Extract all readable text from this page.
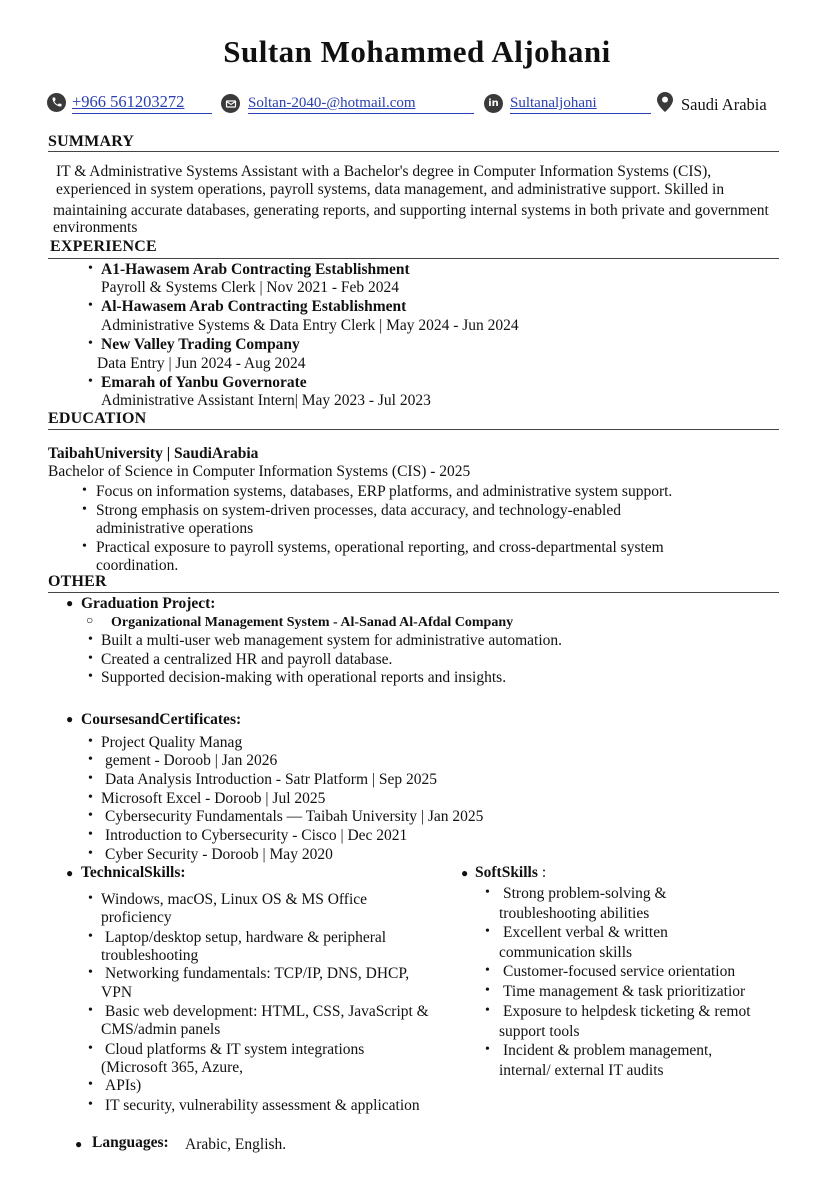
Sultan Mohammed Aljohani
+966 561203272	Soltan-2040-@hotmail.com	in Sultanaljohani	Saudi Arabia
SUMMARY
IT & Administrative Systems Assistant with a Bachelor's degree in Computer Information Systems (CIS),
experienced in system operations, payroll systems, data management, and administrative support. Skilled in
maintaining accurate databases, generating reports, and supporting internal systems in both private and government
environments
EXPERIENCE
• A1-Hawasem Arab Contracting Establishment
Payroll & Systems Clerk | Nov 2021 - Feb 2024
• Al-Hawasem Arab Contracting Establishment
Administrative Systems & Data Entry Clerk | May 2024 - Jun 2024
• New Valley Trading Company
Data Entry | Jun 2024 - Aug 2024
• Emarah of Yanbu Governorate
Administrative Assistant Intern| May 2023 - Jul 2023
EDUCATION
TaibahUniversity | SaudiArabia
Bachelor of Science in Computer Information Systems (CIS) - 2025
• Focus on information systems, databases, ERP platforms, and administrative system support.
• Strong emphasis on system-driven processes, data accuracy, and technology-enabled
administrative operations
• Practical exposure to payroll systems, operational reporting, and cross-departmental system
coordination.
OTHER
● Graduation Project:
○ Organizational Management System - Al-Sanad Al-Afdal Company
• Built a multi-user web management system for administrative automation.
• Created a centralized HR and payroll database.
• Supported decision-making with operational reports and insights.
● CoursesandCertificates:
• Project Quality Manag
• gement - Doroob | Jan 2026
• Data Analysis Introduction - Satr Platform | Sep 2025
• Microsoft Excel - Doroob | Jul 2025
• Cybersecurity Fundamentals — Taibah University | Jan 2025
• Introduction to Cybersecurity - Cisco | Dec 2021
• Cyber Security - Doroob | May 2020
● TechnicalSkills:
• Windows, macOS, Linux OS & MS Office
proficiency
• Laptop/desktop setup, hardware & peripheral
troubleshooting
• Networking fundamentals: TCP/IP, DNS, DHCP,
VPN
• Basic web development: HTML, CSS, JavaScript &
CMS/admin panels
• Cloud platforms & IT system integrations
(Microsoft 365, Azure,
• APIs)
• IT security, vulnerability assessment & application
● SoftSkills :
• Strong problem-solving &
troubleshooting abilities
• Excellent verbal & written
communication skills
• Customer-focused service orientation
• Time management & task prioritizatior
• Exposure to helpdesk ticketing & remot
support tools
• Incident & problem management,
internal/ external IT audits
● Languages: Arabic, English.
